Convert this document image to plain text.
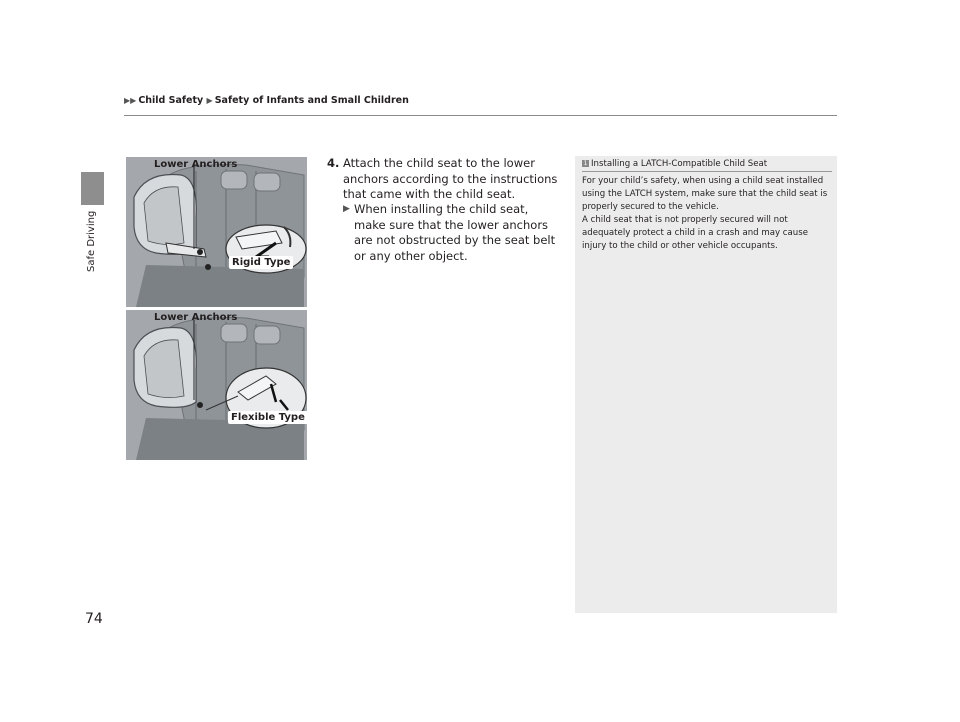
▶▶ Child Safety ▶ Safety of Infants and Small Children
Safe Driving
Lower Anchors
Rigid Type
Lower Anchors
Flexible Type
4. Attach the child seat to the lower anchors according to the instructions that came with the child seat.
▶ When installing the child seat, make sure that the lower anchors are not obstructed by the seat belt or any other object.
1 Installing a LATCH-Compatible Child Seat
For your child’s safety, when using a child seat installed using the LATCH system, make sure that the child seat is properly secured to the vehicle.
A child seat that is not properly secured will not adequately protect a child in a crash and may cause injury to the child or other vehicle occupants.
74
